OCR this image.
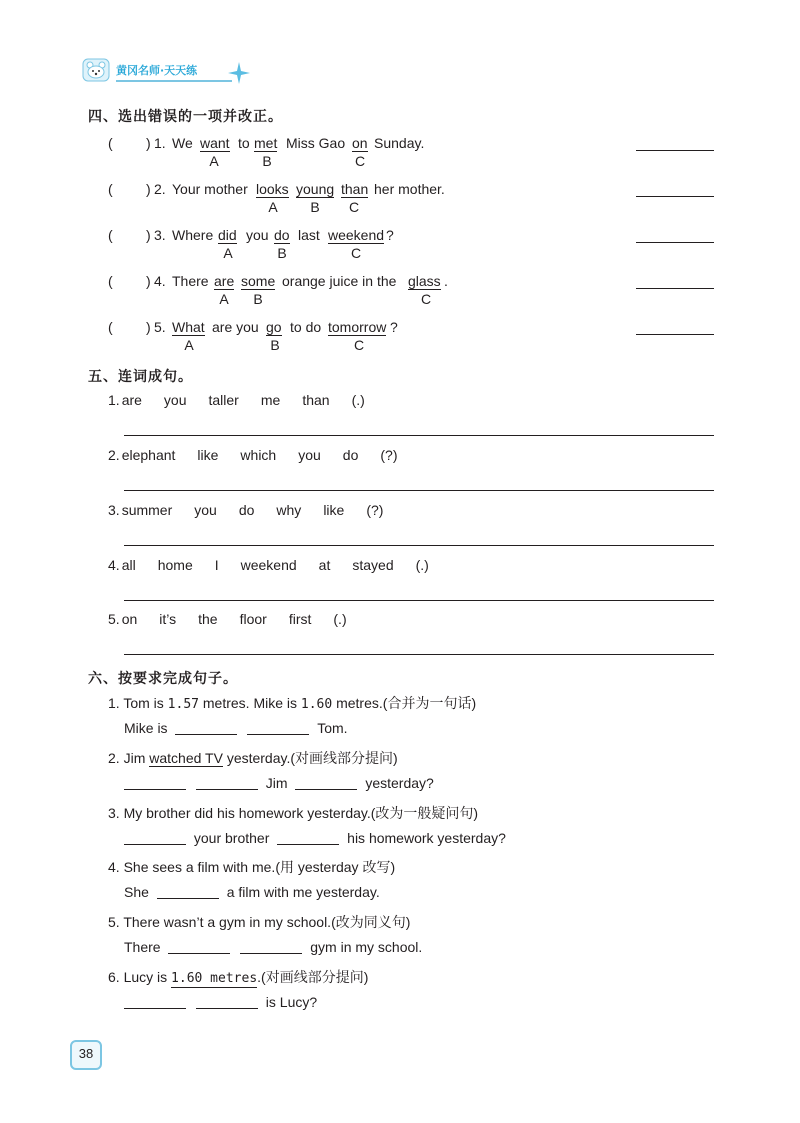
黄冈名师·天天练
四、选出错误的一项并改正。
( ) 1. We want to met Miss Gao on Sunday.
A	B	C
( ) 2. Your mother looks young than her mother.
A B C
( ) 3. Where did you do last weekend ?
A	B	C
( ) 4. There are some orange juice in the glass .
A B	C
( ) 5. What are you go to do tomorrow ?
A	B	C
五、连词成句。
1. are you taller me than (.)
2. elephant like which you do (?)
3. summer you do why like (?)
4. all home I weekend at stayed (.)
5. on it’s the floor first (.)
六、按要求完成句子。
1. Tom is 1.57 metres. Mike is 1.60 metres.(合并为一句话)
Mike is	Tom.
2. Jim watched TV yesterday.(对画线部分提问)
Jim	yesterday?
3. My brother did his homework yesterday.(改为一般疑问句)
your brother	his homework yesterday?
4. She sees a film with me.(用 yesterday 改写)
She	a film with me yesterday.
5. There wasn’t a gym in my school.(改为同义句)
There	gym in my school.
6. Lucy is 1.60 metres.(对画线部分提问)
is Lucy?
38
